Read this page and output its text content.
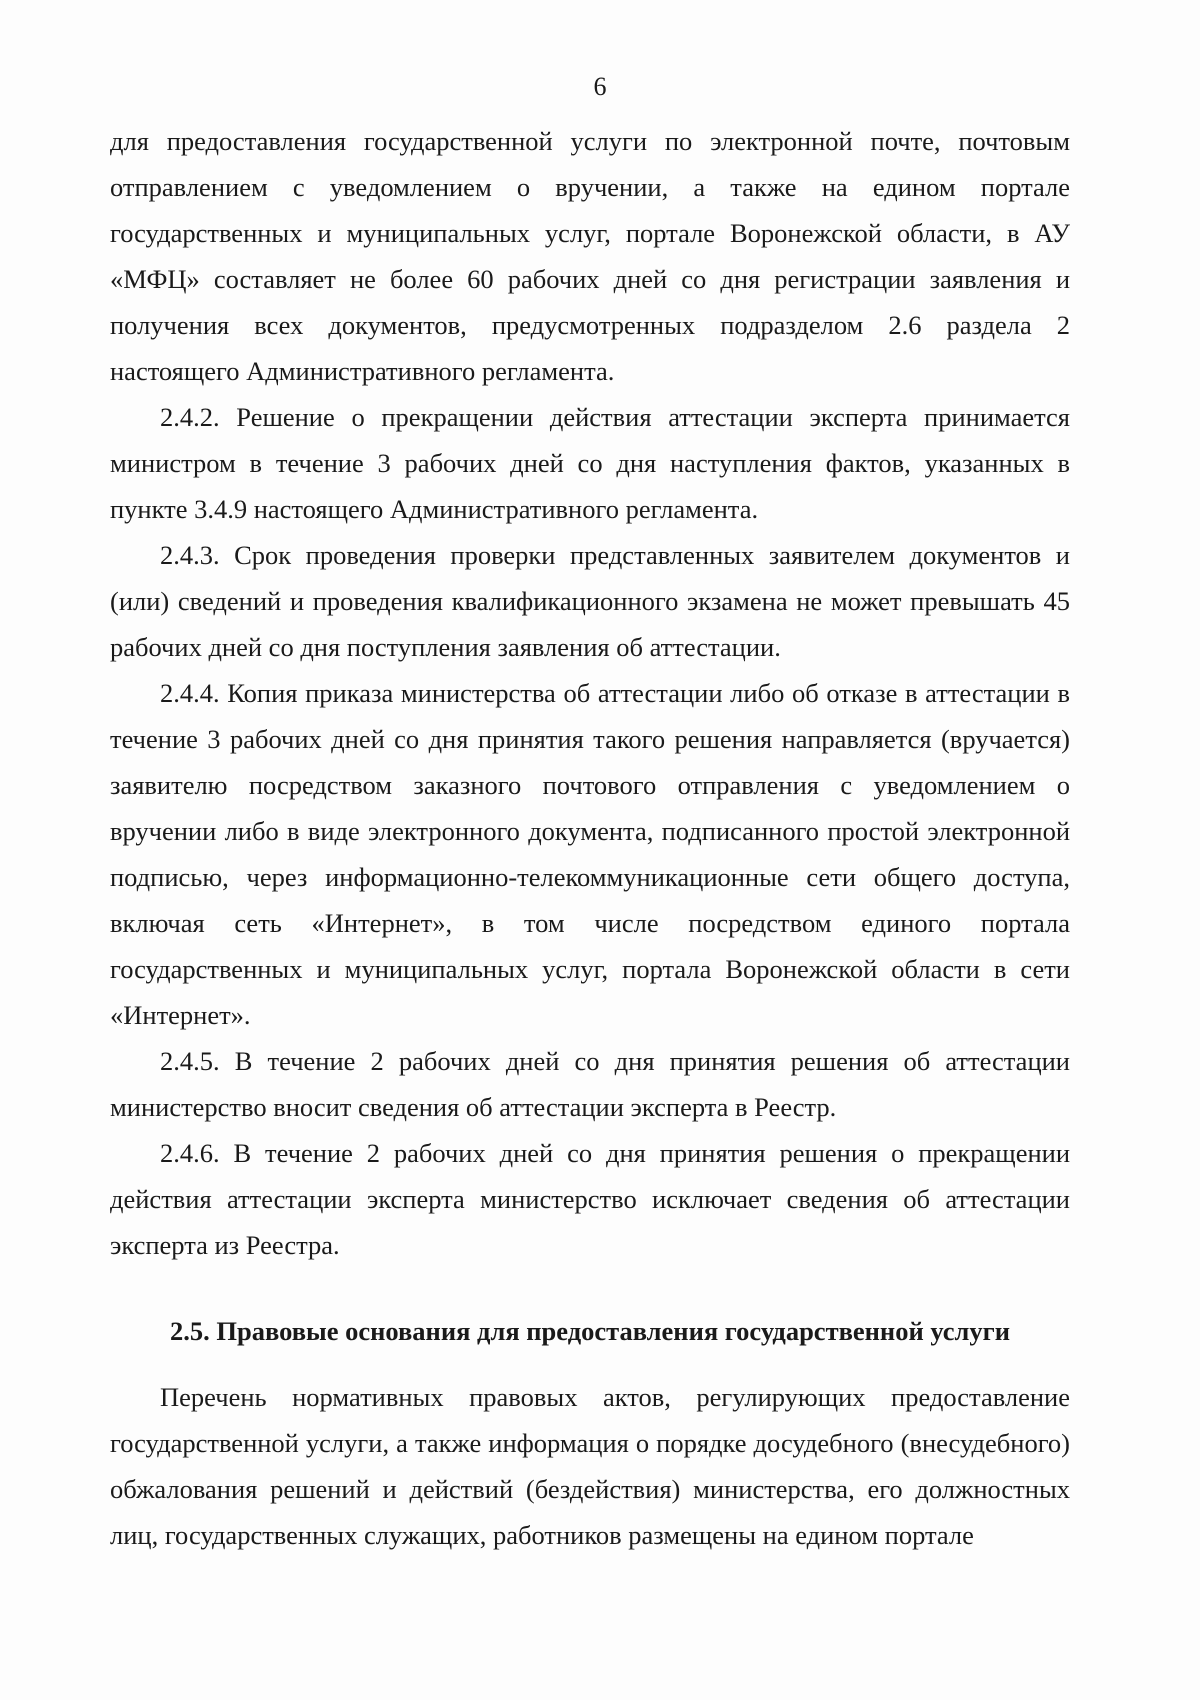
6

для предоставления государственной услуги по электронной почте, почтовым отправлением с уведомлением о вручении, а также на едином портале государственных и муниципальных услуг, портале Воронежской области, в АУ «МФЦ» составляет не более 60 рабочих дней со дня регистрации заявления и получения всех документов, предусмотренных подразделом 2.6 раздела 2 настоящего Административного регламента.

2.4.2. Решение о прекращении действия аттестации эксперта принимается министром в течение 3 рабочих дней со дня наступления фактов, указанных в пункте 3.4.9 настоящего Административного регламента.

2.4.3. Срок проведения проверки представленных заявителем документов и (или) сведений и проведения квалификационного экзамена не может превышать 45 рабочих дней со дня поступления заявления об аттестации.

2.4.4. Копия приказа министерства об аттестации либо об отказе в аттестации в течение 3 рабочих дней со дня принятия такого решения направляется (вручается) заявителю посредством заказного почтового отправления с уведомлением о вручении либо в виде электронного документа, подписанного простой электронной подписью, через информационно-телекоммуникационные сети общего доступа, включая сеть «Интернет», в том числе посредством единого портала государственных и муниципальных услуг, портала Воронежской области в сети «Интернет».

2.4.5. В течение 2 рабочих дней со дня принятия решения об аттестации министерство вносит сведения об аттестации эксперта в Реестр.

2.4.6. В течение 2 рабочих дней со дня принятия решения о прекращении действия аттестации эксперта министерство исключает сведения об аттестации эксперта из Реестра.

2.5. Правовые основания для предоставления государственной услуги

Перечень нормативных правовых актов, регулирующих предоставление государственной услуги, а также информация о порядке досудебного (внесудебного) обжалования решений и действий (бездействия) министерства, его должностных лиц, государственных служащих, работников размещены на едином портале
